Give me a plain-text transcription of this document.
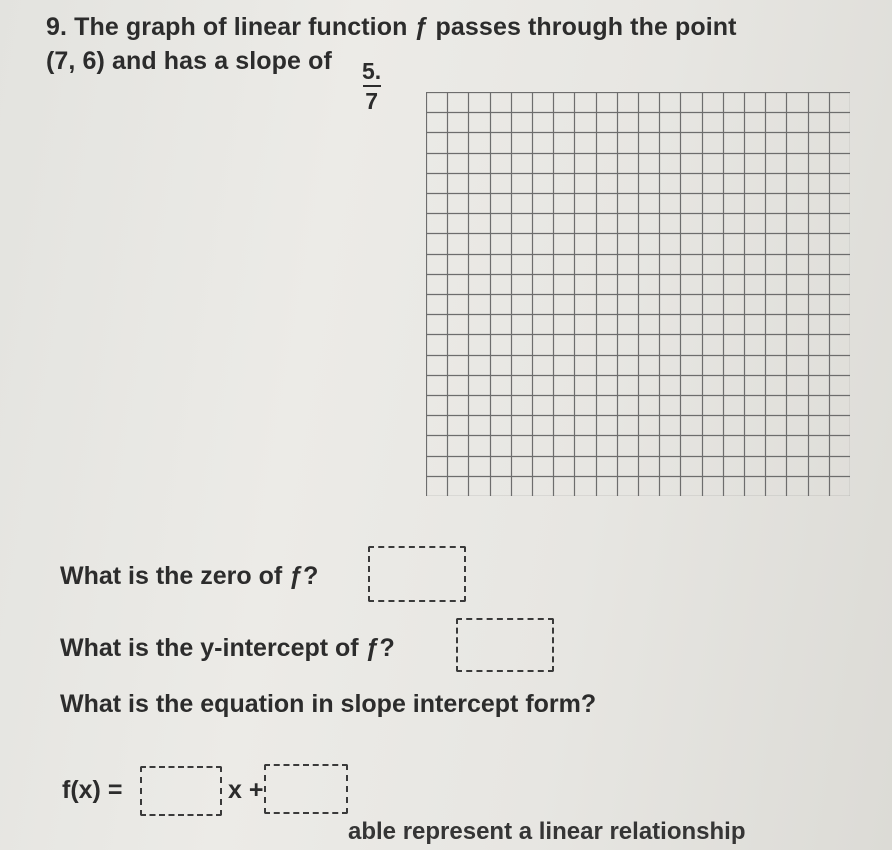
9. The graph of linear function ƒ passes through the point
(7, 6) and has a slope of	5.
7
What is the zero of ƒ?
What is the y-intercept of ƒ?
What is the equation in slope intercept form?
f(x) =	x +
able represent a linear relationship
